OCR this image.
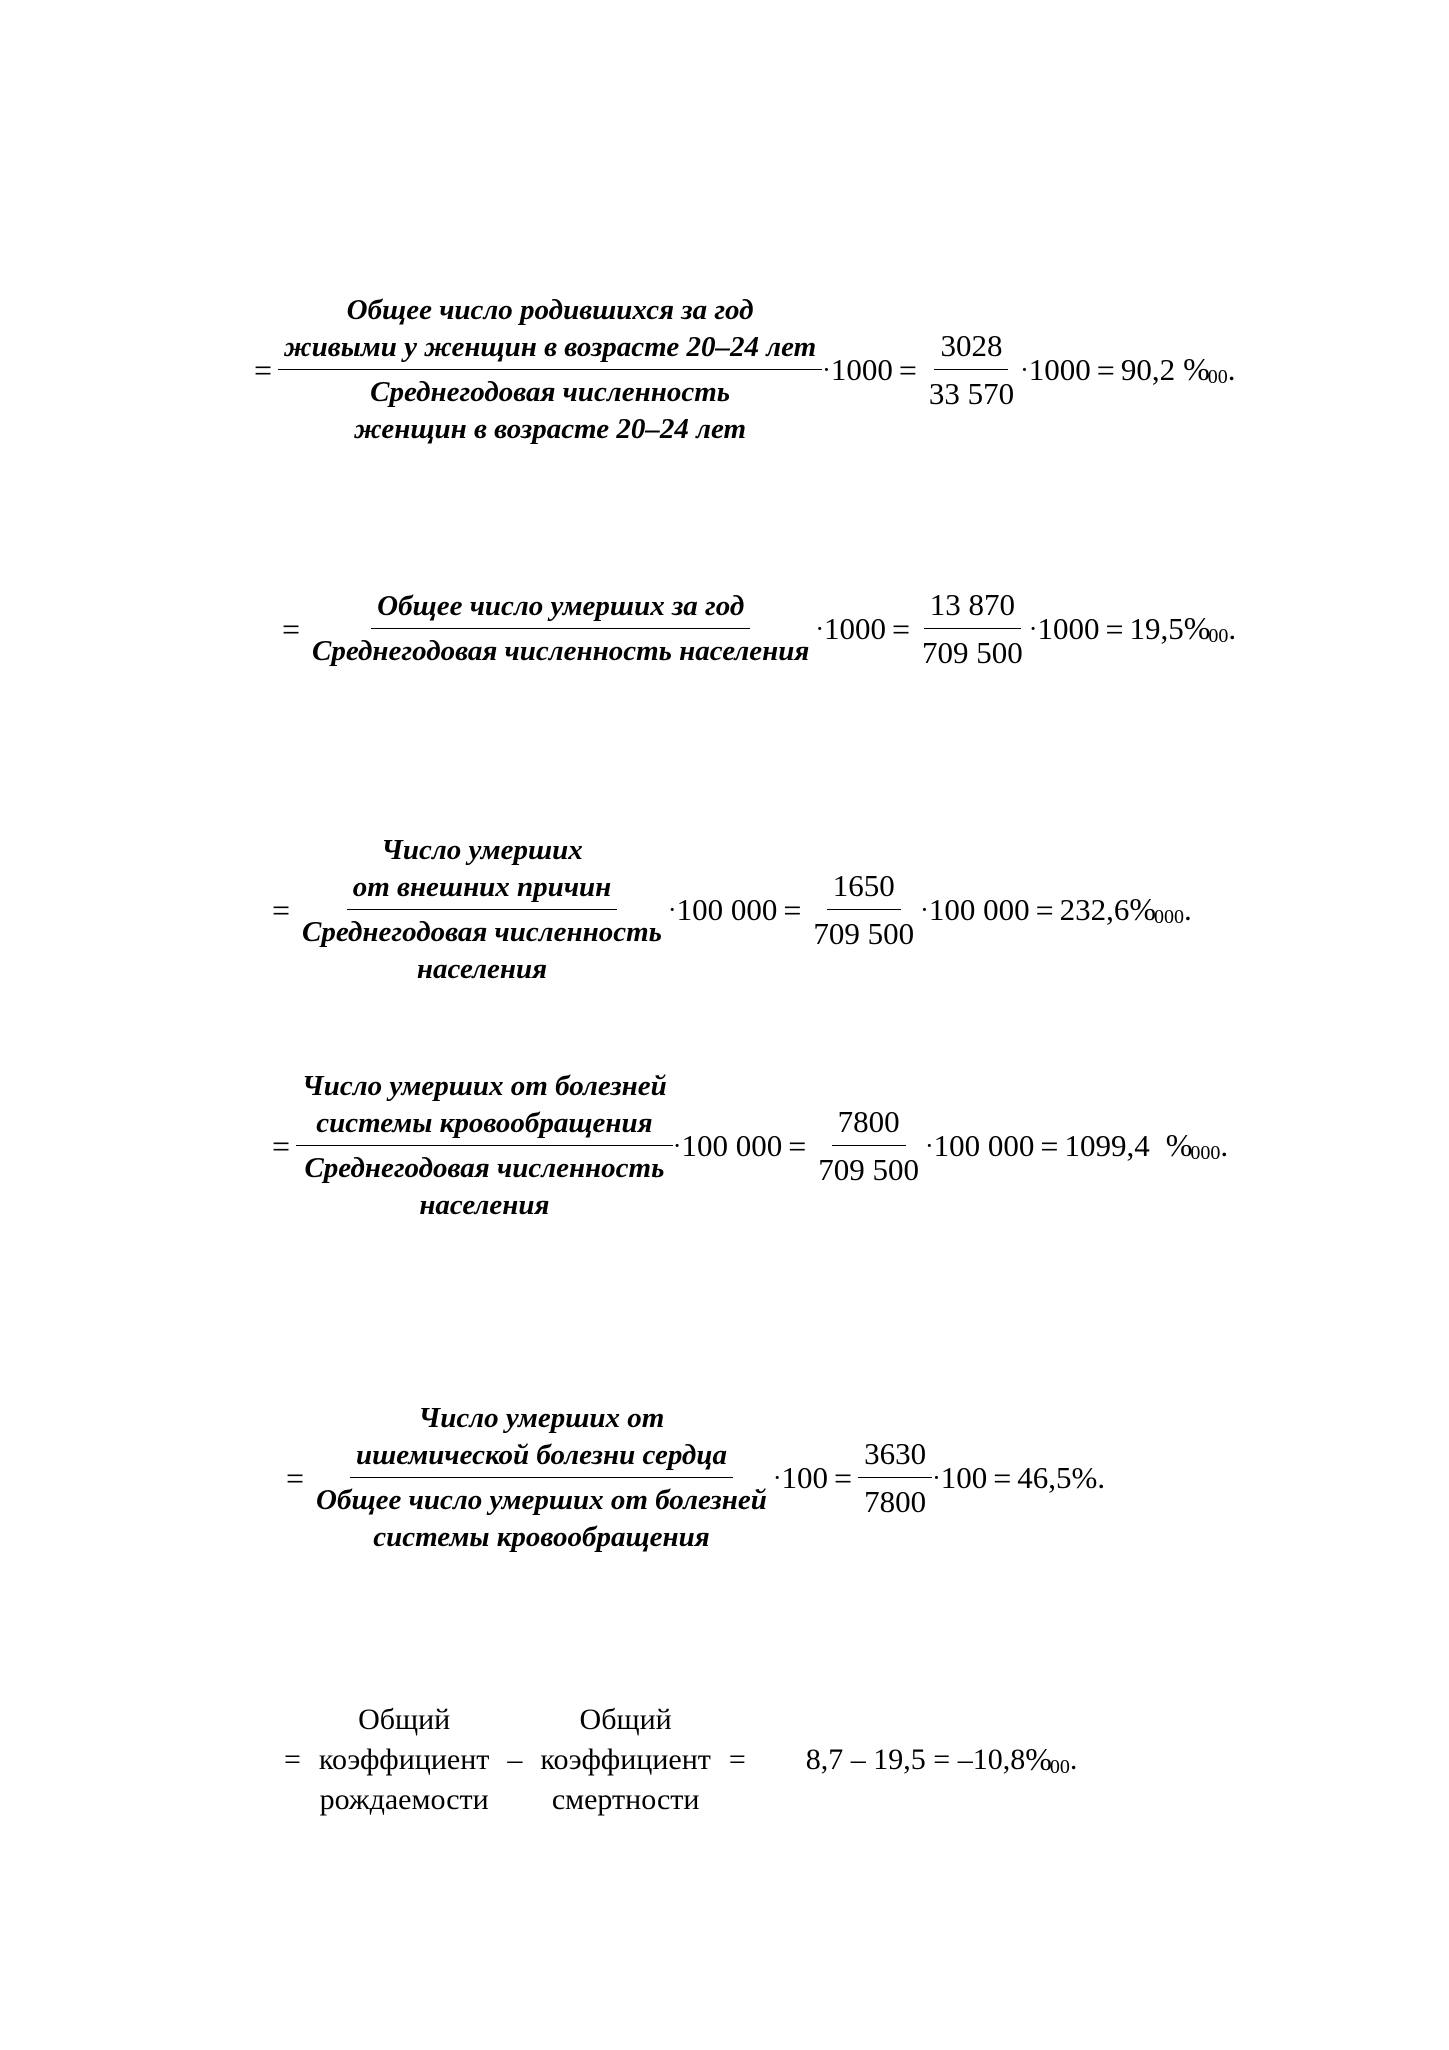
=
Общее число родившихся за год
живыми у женщин в возрасте 20–24 лет
Среднегодовая численность
женщин в возрасте 20–24 лет
· $1000 = \frac{3028}{33 570} \cdot 1000 = 90,2$ $\%_{00}$ .
= $\frac{\text{Общее число умерших за год}}{\text{Среднегодовая численность населения}} \cdot 1000 = \frac{13 870}{709 500} \cdot 1000 = 19,5$ $\%_{00}$ .
= Число умерших
от внешних причин
Среднегодовая численность
населения · 100 $000 = \frac{1650}{709 500} \cdot 100$ 000 = 232,6 $\%_{000}$ .
= Число умерших от болезней
системы кровообращения
Среднегодовая численность
населения · 100 $000 = \frac{7800}{709 500} \cdot 100$ 000 = 1099,4 $\%_{000}$ .
= Число умерших от
ишемической болезни сердца
Общее число умерших от болезней
системы кровообращения · $100 = \frac{3630}{7800} \cdot 100 = 46,5\%$.
=
Общий
коэффициент
рождаемости
–
Общий
коэффициент
смертности
=	8,7 – 19,5 = –10,8 $\%_{00}$ .
